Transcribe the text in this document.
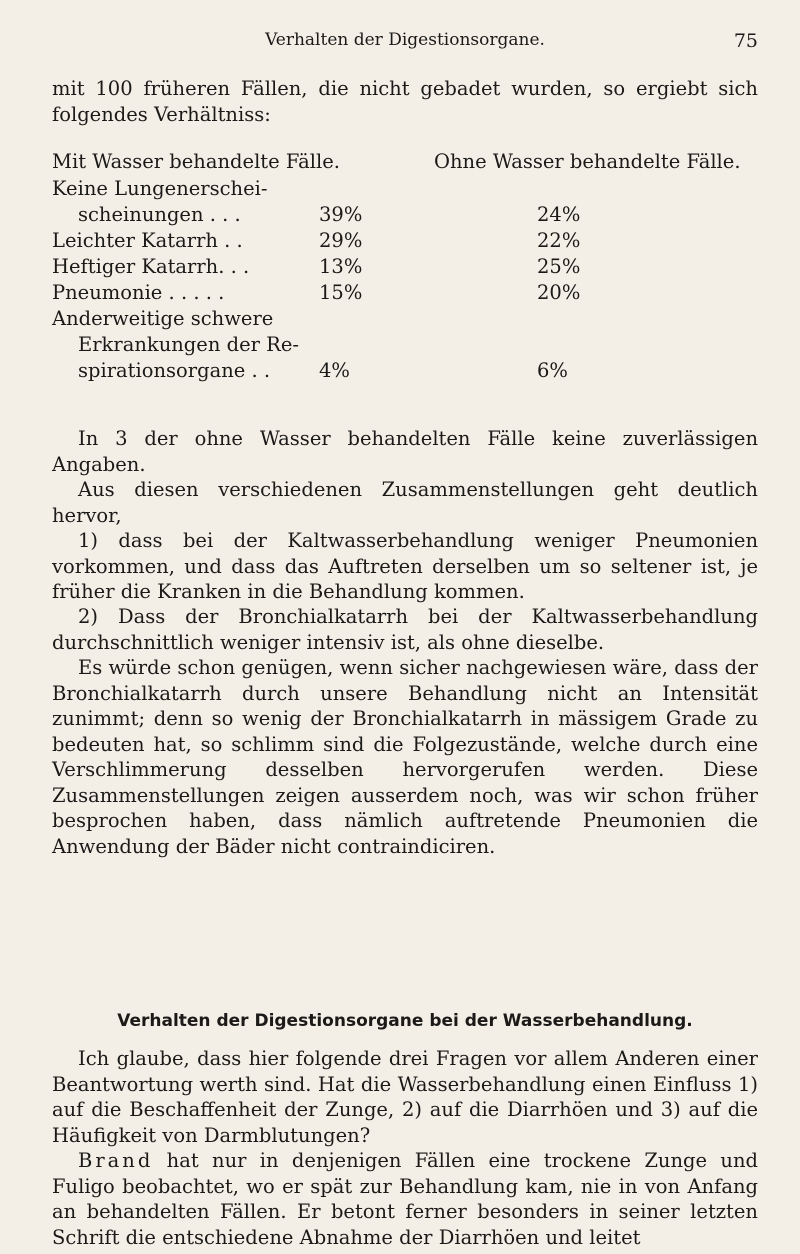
Verhalten der Digestionsorgane.	75
mit 100 früheren Fällen, die nicht gebadet wurden, so ergiebt sich folgendes Verhältniss:
Mit Wasser behandelte Fälle.	Ohne Wasser behandelte Fälle.
Keine Lungenerschei-
scheinungen . . .	39%	24%
Leichter Katarrh . .	29%	22%
Heftiger Katarrh. . .	13%	25%
Pneumonie . . . . .	15%	20%
Anderweitige schwere
Erkrankungen der Re-
spirationsorgane . .	4%	6%
In 3 der ohne Wasser behandelten Fälle keine zuverlässigen Angaben.
Aus diesen verschiedenen Zusammenstellungen geht deutlich hervor,
1) dass bei der Kaltwasserbehandlung weniger Pneumonien vorkommen, und dass das Auftreten derselben um so seltener ist, je früher die Kranken in die Behandlung kommen.
2) Dass der Bronchialkatarrh bei der Kaltwasserbehandlung durchschnittlich weniger intensiv ist, als ohne dieselbe.
Es würde schon genügen, wenn sicher nachgewiesen wäre, dass der Bronchialkatarrh durch unsere Behandlung nicht an Intensität zunimmt; denn so wenig der Bronchialkatarrh in mässigem Grade zu bedeuten hat, so schlimm sind die Folgezustände, welche durch eine Verschlimmerung desselben hervorgerufen werden. Diese Zusammenstellungen zeigen ausserdem noch, was wir schon früher besprochen haben, dass nämlich auftretende Pneumonien die Anwendung der Bäder nicht contraindiciren.
Verhalten der Digestionsorgane bei der Wasserbehandlung.
Ich glaube, dass hier folgende drei Fragen vor allem Anderen einer Beantwortung werth sind. Hat die Wasserbehandlung einen Einfluss 1) auf die Beschaffenheit der Zunge, 2) auf die Diarrhöen und 3) auf die Häufigkeit von Darmblutungen?
Brand hat nur in denjenigen Fällen eine trockene Zunge und Fuligo beobachtet, wo er spät zur Behandlung kam, nie in von Anfang an behandelten Fällen. Er betont ferner besonders in seiner letzten Schrift die entschiedene Abnahme der Diarrhöen und leitet
